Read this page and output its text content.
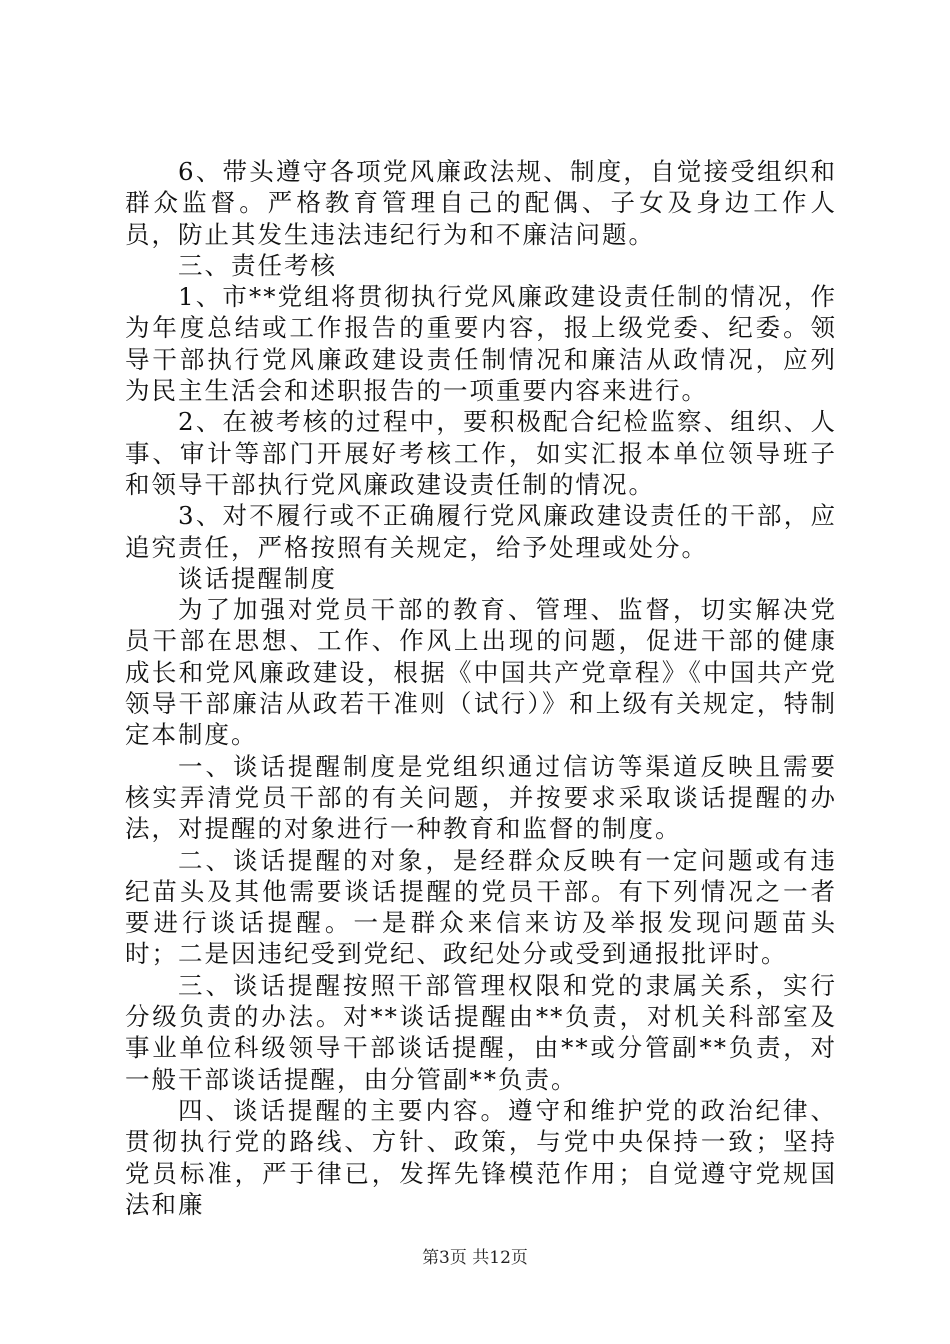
6、带头遵守各项党风廉政法规、制度，自觉接受组织和群众监督。严格教育管理自己的配偶、子女及身边工作人员，防止其发生违法违纪行为和不廉洁问题。

三、责任考核

1、市**党组将贯彻执行党风廉政建设责任制的情况，作为年度总结或工作报告的重要内容，报上级党委、纪委。领导干部执行党风廉政建设责任制情况和廉洁从政情况，应列为民主生活会和述职报告的一项重要内容来进行。

2、在被考核的过程中，要积极配合纪检监察、组织、人事、审计等部门开展好考核工作，如实汇报本单位领导班子和领导干部执行党风廉政建设责任制的情况。

3、对不履行或不正确履行党风廉政建设责任的干部，应追究责任，严格按照有关规定，给予处理或处分。

谈话提醒制度

为了加强对党员干部的教育、管理、监督，切实解决党员干部在思想、工作、作风上出现的问题，促进干部的健康成长和党风廉政建设，根据《中国共产党章程》《中国共产党领导干部廉洁从政若干准则（试行）》和上级有关规定，特制定本制度。

一、谈话提醒制度是党组织通过信访等渠道反映且需要核实弄清党员干部的有关问题，并按要求采取谈话提醒的办法，对提醒的对象进行一种教育和监督的制度。

二、谈话提醒的对象，是经群众反映有一定问题或有违纪苗头及其他需要谈话提醒的党员干部。有下列情况之一者要进行谈话提醒。一是群众来信来访及举报发现问题苗头时；二是因违纪受到党纪、政纪处分或受到通报批评时。

三、谈话提醒按照干部管理权限和党的隶属关系，实行分级负责的办法。对**谈话提醒由**负责，对机关科部室及事业单位科级领导干部谈话提醒，由**或分管副**负责，对一般干部谈话提醒，由分管副**负责。

四、谈话提醒的主要内容。遵守和维护党的政治纪律、贯彻执行党的路线、方针、政策，与党中央保持一致；坚持党员标准，严于律已，发挥先锋模范作用；自觉遵守党规国法和廉

第3页 共12页
